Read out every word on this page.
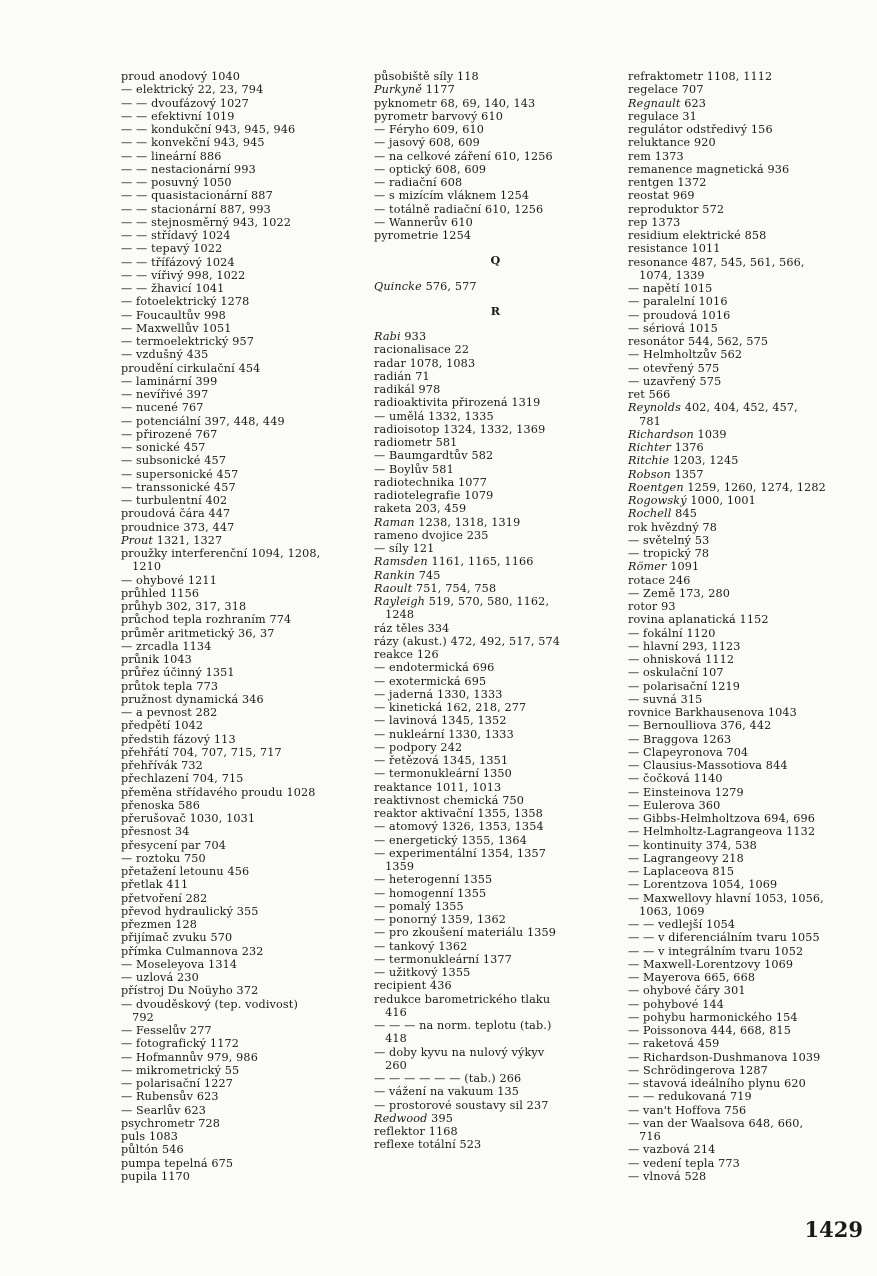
proud anodový 1040
— elektrický 22, 23, 794
— — dvoufázový 1027
— — efektivní 1019
— — kondukční 943, 945, 946
— — konvekční 943, 945
— — lineární 886
— — nestacionární 993
— — posuvný 1050
— — quasistacionární 887
— — stacionární 887, 993
— — stejnosměrný 943, 1022
— — střídavý 1024
— — tepavý 1022
— — třífázový 1024
— — vířivý 998, 1022
— — žhavicí 1041
— fotoelektrický 1278
— Foucaultův 998
— Maxwellův 1051
— termoelektrický 957
— vzdušný 435
proudění cirkulační 454
— laminární 399
— nevířivé 397
— nucené 767
— potenciální 397, 448, 449
— přirozené 767
— sonické 457
— subsonické 457
— supersonické 457
— transsonické 457
— turbulentní 402
proudová čára 447
proudnice 373, 447
Prout 1321, 1327
proužky interferenční 1094, 1208,
1210
— ohybové 1211
průhled 1156
průhyb 302, 317, 318
průchod tepla rozhraním 774
průměr aritmetický 36, 37
— zrcadla 1134
průnik 1043
průřez účinný 1351
průtok tepla 773
pružnost dynamická 346
— a pevnost 282
předpětí 1042
předstih fázový 113
přehřátí 704, 707, 715, 717
přehřívák 732
přechlazení 704, 715
přeměna střídavého proudu 1028
přenoska 586
přerušovač 1030, 1031
přesnost 34
přesycení par 704
— roztoku 750
přetažení letounu 456
přetlak 411
přetvoření 282
převod hydraulický 355
přezmen 128
přijímač zvuku 570
přímka Culmannova 232
— Moseleyova 1314
— uzlová 230
přístroj Du Noüyho 372
— dvouděskový (tep. vodivost)
792
— Fesselův 277
— fotografický 1172
— Hofmannův 979, 986
— mikrometrický 55
— polarisační 1227
— Rubensův 623
— Searlův 623
psychrometr 728
puls 1083
půltón 546
pumpa tepelná 675
pupila 1170
působiště síly 118
Purkyně 1177
pyknometr 68, 69, 140, 143
pyrometr barvový 610
— Féryho 609, 610
— jasový 608, 609
— na celkové záření 610, 1256
— optický 608, 609
— radiační 608
— s mizícím vláknem 1254
— totálně radiační 610, 1256
— Wannerův 610
pyrometrie 1254
Q
Quincke 576, 577
R
Rabi 933
racionalisace 22
radar 1078, 1083
radián 71
radikál 978
radioaktivita přirozená 1319
— umělá 1332, 1335
radioisotop 1324, 1332, 1369
radiometr 581
— Baumgardtův 582
— Boylův 581
radiotechnika 1077
radiotelegrafie 1079
raketa 203, 459
Raman 1238, 1318, 1319
rameno dvojice 235
— síly 121
Ramsden 1161, 1165, 1166
Rankin 745
Raoult 751, 754, 758
Rayleigh 519, 570, 580, 1162,
1248
ráz těles 334
rázy (akust.) 472, 492, 517, 574
reakce 126
— endotermická 696
— exotermická 695
— jaderná 1330, 1333
— kinetická 162, 218, 277
— lavinová 1345, 1352
— nukleární 1330, 1333
— podpory 242
— řetězová 1345, 1351
— termonukleární 1350
reaktance 1011, 1013
reaktivnost chemická 750
reaktor aktivační 1355, 1358
— atomový 1326, 1353, 1354
— energetický 1355, 1364
— experimentální 1354, 1357
1359
— heterogenní 1355
— homogenní 1355
— pomalý 1355
— ponorný 1359, 1362
— pro zkoušení materiálu 1359
— tankový 1362
— termonukleární 1377
— užitkový 1355
recipient 436
redukce barometrického tlaku
416
— — — na norm. teplotu (tab.)
418
— doby kyvu na nulový výkyv
260
— — — — — — (tab.) 266
— vážení na vakuum 135
— prostorové soustavy sil 237
Redwood 395
reflektor 1168
reflexe totální 523
refraktometr 1108, 1112
regelace 707
Regnault 623
regulace 31
regulátor odstředivý 156
reluktance 920
rem 1373
remanence magnetická 936
rentgen 1372
reostat 969
reproduktor 572
rep 1373
residium elektrické 858
resistance 1011
resonance 487, 545, 561, 566,
1074, 1339
— napětí 1015
— paralelní 1016
— proudová 1016
— sériová 1015
resonátor 544, 562, 575
— Helmholtzův 562
— otevřený 575
— uzavřený 575
ret 566
Reynolds 402, 404, 452, 457,
781
Richardson 1039
Richter 1376
Ritchie 1203, 1245
Robson 1357
Roentgen 1259, 1260, 1274, 1282
Rogowský 1000, 1001
Rochell 845
rok hvězdný 78
— světelný 53
— tropický 78
Römer 1091
rotace 246
— Země 173, 280
rotor 93
rovina aplanatická 1152
— fokální 1120
— hlavní 293, 1123
— ohnisková 1112
— oskulační 107
— polarisační 1219
— suvná 315
rovnice Barkhausenova 1043
— Bernoulliova 376, 442
— Braggova 1263
— Clapeyronova 704
— Clausius-Massotiova 844
— čočková 1140
— Einsteinova 1279
— Eulerova 360
— Gibbs-Helmholtzova 694, 696
— Helmholtz-Lagrangeova 1132
— kontinuity 374, 538
— Lagrangeovy 218
— Laplaceova 815
— Lorentzova 1054, 1069
— Maxwellovy hlavní 1053, 1056,
1063, 1069
— — vedlejší 1054
— — v diferenciálním tvaru 1055
— — v integrálním tvaru 1052
— Maxwell-Lorentzovy 1069
— Mayerova 665, 668
— ohybové čáry 301
— pohybové 144
— pohybu harmonického 154
— Poissonova 444, 668, 815
— raketová 459
— Richardson-Dushmanova 1039
— Schrödingerova 1287
— stavová ideálního plynu 620
— — redukovaná 719
— van't Hoffova 756
— van der Waalsova 648, 660,
716
— vazbová 214
— vedení tepla 773
— vlnová 528
1429
